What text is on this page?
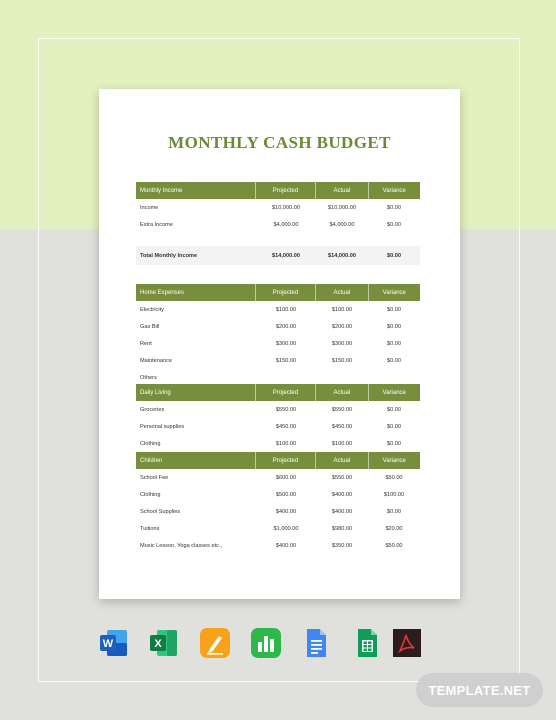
MONTHLY CASH BUDGET
Monthly Income	Projected	Actual	Variance
Income	$10,000.00	$10,000.00	$0.00
Extra Income	$4,000.00	$4,000.00	$0.00
Total Monthly Income	$14,000.00	$14,000.00	$0.00
Home Expenses	Projected	Actual	Variance
Electricity	$100.00	$100.00	$0.00
Gas Bill	$200.00	$200.00	$0.00
Rent	$300.00	$300.00	$0.00
Maintenance	$150.00	$150.00	$0.00
Others
Daily Living	Projected	Actual	Variance
Groceries	$550.00	$550.00	$0.00
Personal supplies	$450.00	$450.00	$0.00
Clothing	$100.00	$100.00	$0.00
Children	Projected	Actual	Variance
School Fee	$600.00	$550.00	$50.00
Clothing	$500.00	$400.00	$100.00
School Supplies	$400.00	$400.00	$0.00
Tuitions	$1,000.00	$980.00	$20.00
Music Lesson, Yoga classes etc.,	$400.00	$350.00	$50.00
W	X
TEMPLATE.NET
